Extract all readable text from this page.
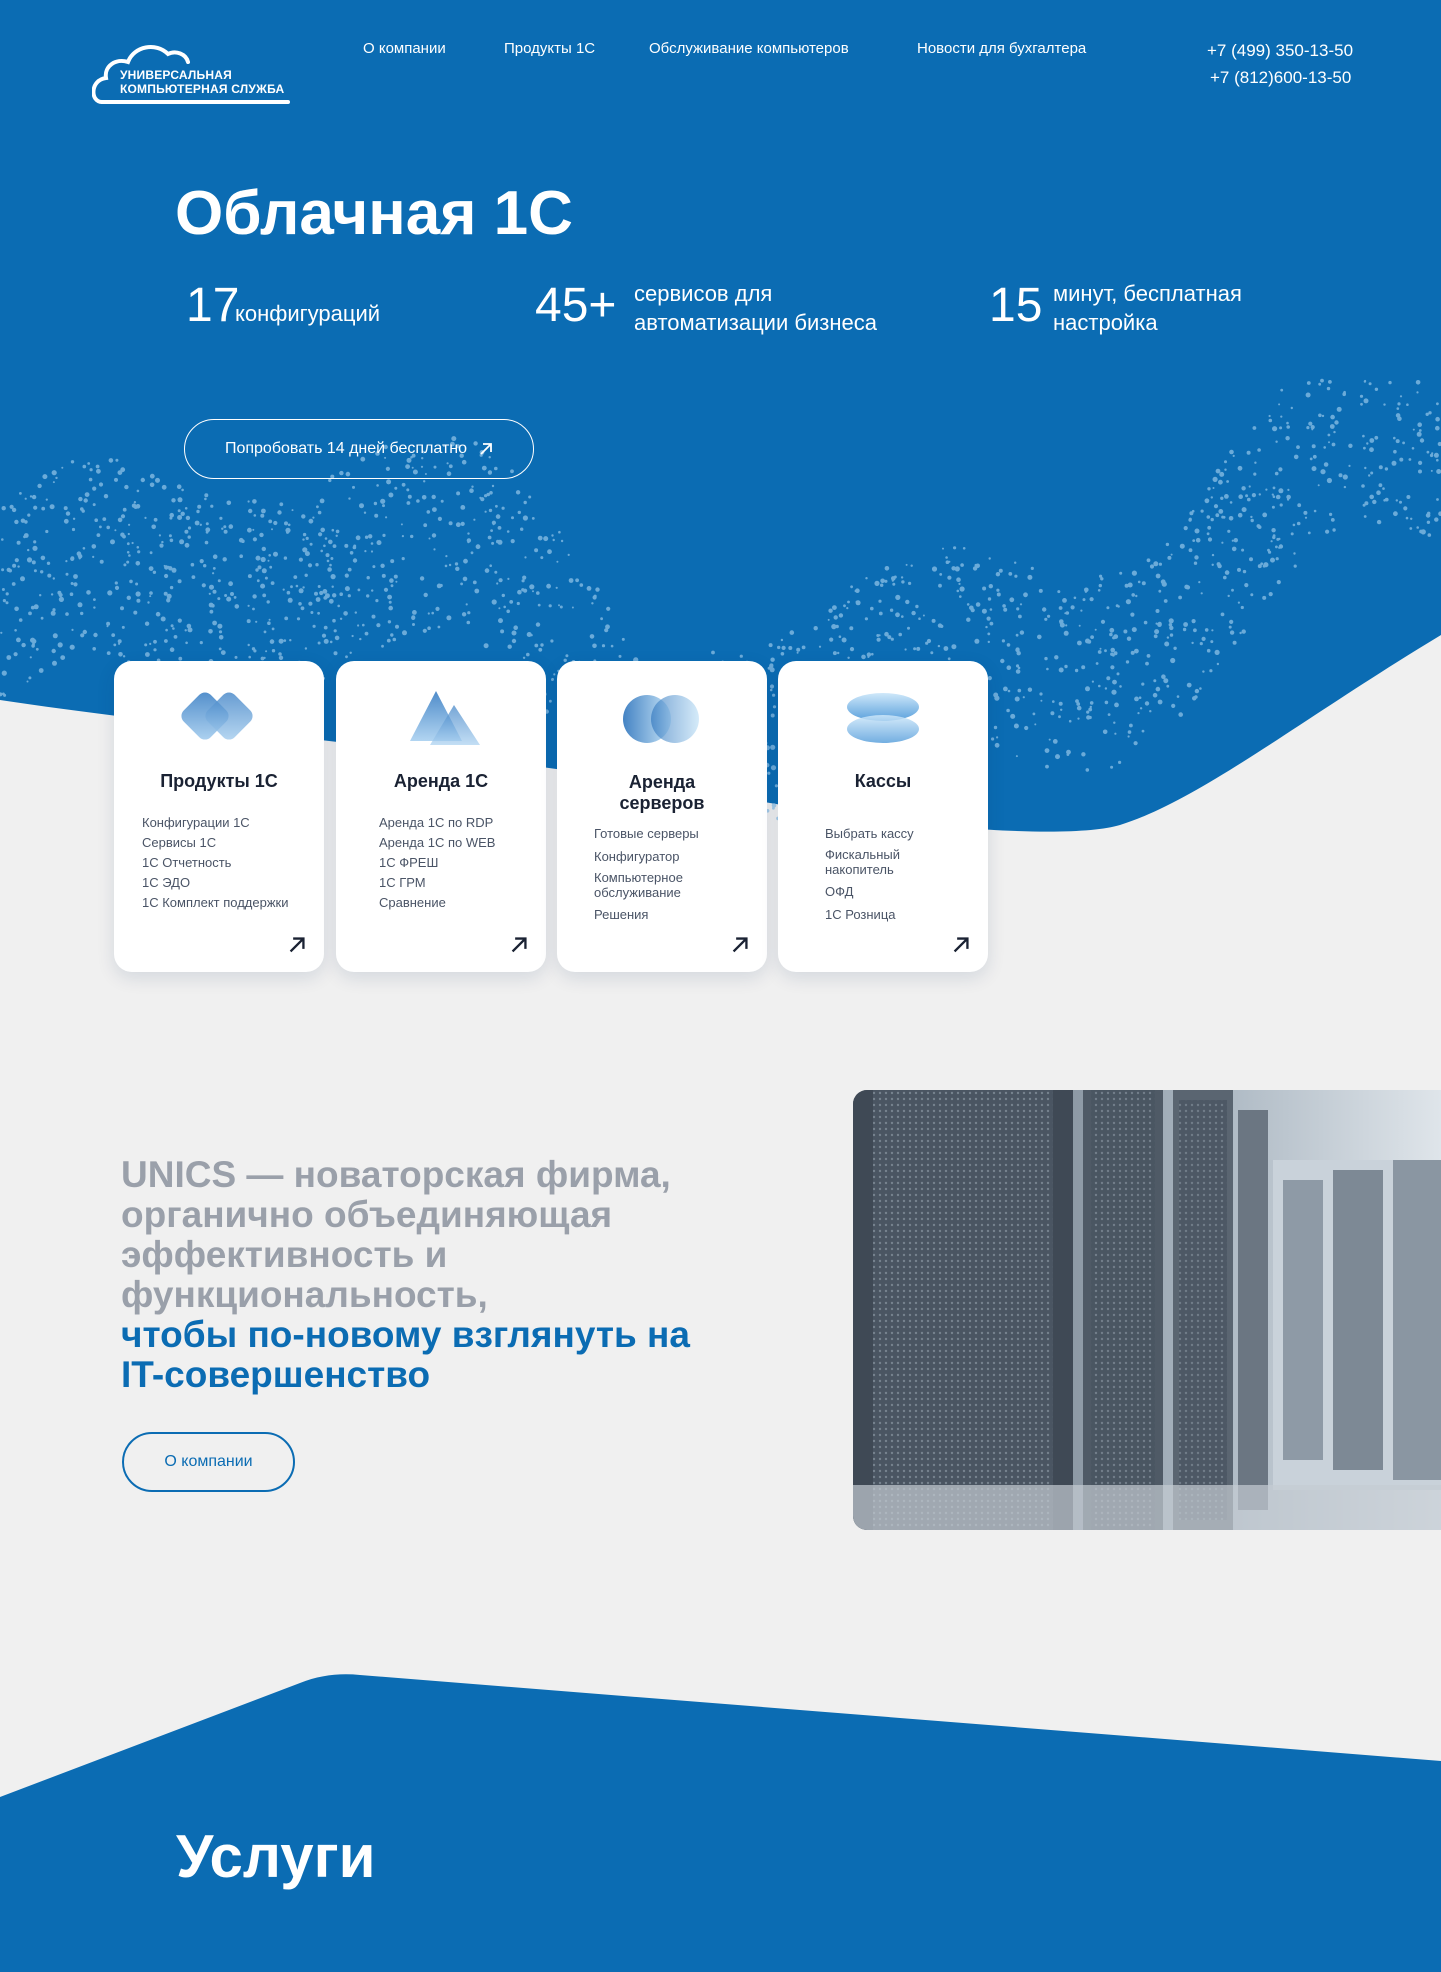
УНИВЕРСАЛЬНАЯ
КОМПЬЮТЕРНАЯ СЛУЖБА
О компании	Продукты 1С	Обслуживание компьютеров	Новости для бухгалтера	+7 (499) 350-13-50
+7 (812)600-13-50
Облачная 1С
17
конфигураций	45+ сервисов для
автоматизации бизнеса 15 минут, бесплатная
настройка
Попробовать 14 дней бесплатно
Продукты 1С
Конфигурации 1С
Сервисы 1С
1С Отчетность
1С ЭДО
1С Комплект поддержки
Аренда 1С
Аренда 1С по RDP
Аренда 1С по WEB
1С ФРЕШ
1С ГРМ
Сравнение
Аренда
серверов
Готовые серверы
Конфигуратор
Компьютерное
обслуживание
Решения
Кассы
Выбрать кассу
Фискальный
накопитель
ОФД
1С Розница
UNICS — новаторская фирма,
органично объединяющая
эффективность и
функциональность,
чтобы по-новому взглянуть на
IT-совершенство
О компании
Услуги
